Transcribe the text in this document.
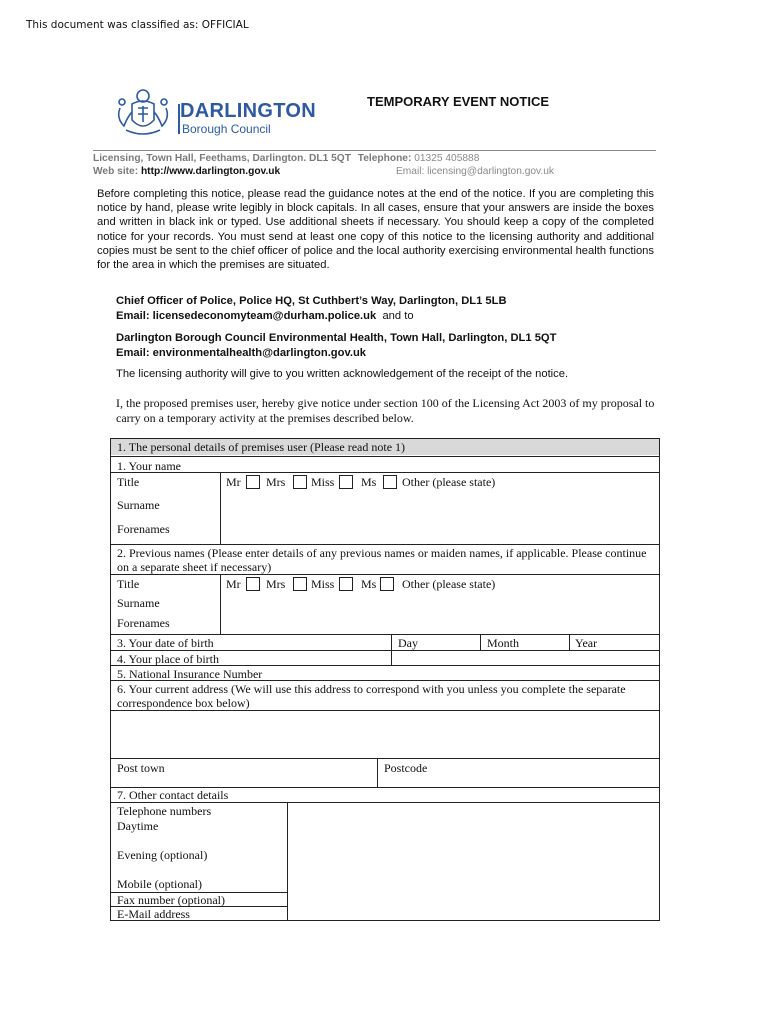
This document was classified as: OFFICIAL
DARLINGTON
Borough Council
TEMPORARY EVENT NOTICE
Licensing, Town Hall, Feethams, Darlington. DL1 5QT Telephone: 01325 405888
Web site: http://www.darlington.gov.uk	Email: licensing@darlington.gov.uk
Before completing this notice, please read the guidance notes at the end of the notice. If you are completing this notice by hand, please write legibly in block capitals. In all cases, ensure that your answers are inside the boxes and written in black ink or typed. Use additional sheets if necessary. You should keep a copy of the completed notice for your records. You must send at least one copy of this notice to the licensing authority and additional copies must be sent to the chief officer of police and the local authority exercising environmental health functions for the area in which the premises are situated.
Chief Officer of Police, Police HQ, St Cuthbert’s Way, Darlington, DL1 5LB
Email: licensedeconomyteam@durham.police.uk and to
Darlington Borough Council Environmental Health, Town Hall, Darlington, DL1 5QT
Email: environmentalhealth@darlington.gov.uk
The licensing authority will give to you written acknowledgement of the receipt of the notice.
I, the proposed premises user, hereby give notice under section 100 of the Licensing Act 2003 of my proposal to carry on a temporary activity at the premises described below.
1. The personal details of premises user (Please read note 1)
1. Your name
Title	Mr Mrs Miss Ms Other (please state)
Surname
Forenames
2. Previous names (Please enter details of any previous names or maiden names, if applicable. Please continue on a separate sheet if necessary)
Title	Mr Mrs Miss Ms Other (please state)
Surname
Forenames
3. Your date of birth	Day	Month	Year
4. Your place of birth
5. National Insurance Number
6. Your current address (We will use this address to correspond with you unless you complete the separate correspondence box below)
Post town	Postcode
7. Other contact details
Telephone numbers
Daytime
Evening (optional)
Mobile (optional)
Fax number (optional)
E-Mail address
